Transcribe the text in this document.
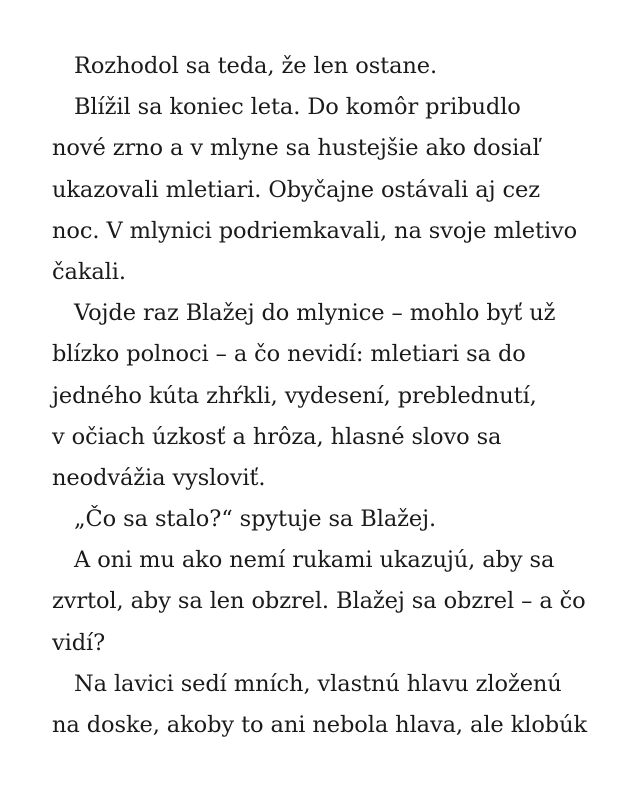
Rozhodol sa teda, že len ostane.
Blížil sa koniec leta. Do komôr pribudlo
nové zrno a v mlyne sa hustejšie ako dosiaľ
ukazovali mletiari. Obyčajne ostávali aj cez
noc. V mlynici podriemkavali, na svoje mletivo
čakali.
Vojde raz Blažej do mlynice – mohlo byť už
blízko polnoci – a čo nevidí: mletiari sa do
jedného kúta zhŕkli, vydesení, preblednutí,
v očiach úzkosť a hrôza, hlasné slovo sa
neodvážia vysloviť.
„Čo sa stalo?“ spytuje sa Blažej.
A oni mu ako nemí rukami ukazujú, aby sa
zvrtol, aby sa len obzrel. Blažej sa obzrel – a čo
vidí?
Na lavici sedí mních, vlastnú hlavu zloženú
na doske, akoby to ani nebola hlava, ale klobúk
